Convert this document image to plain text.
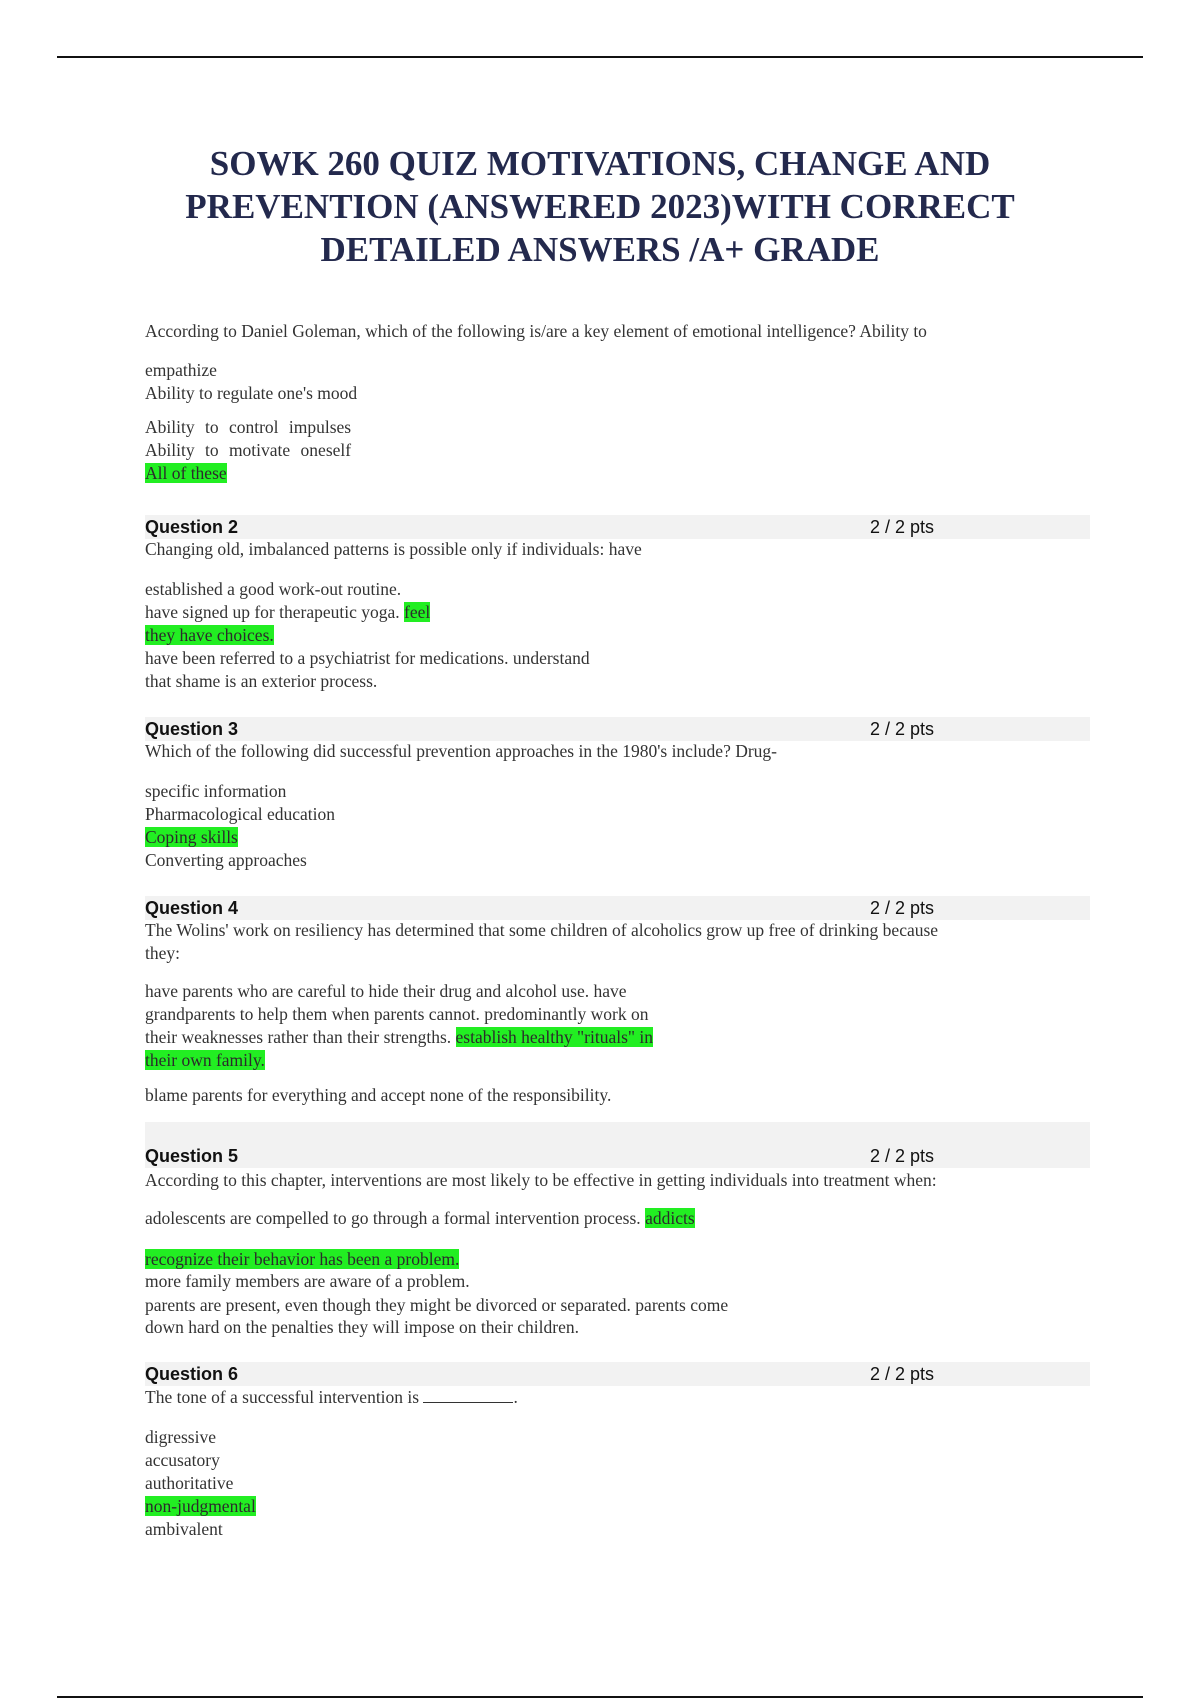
SOWK 260 QUIZ MOTIVATIONS, CHANGE AND
PREVENTION (ANSWERED 2023)WITH CORRECT
DETAILED ANSWERS /A+ GRADE
According to Daniel Goleman, which of the following is/are a key element of emotional intelligence? Ability to
empathize
Ability to regulate one's mood
Ability to control impulses
Ability to motivate oneself
All of these
Question 2	2 / 2 pts
Changing old, imbalanced patterns is possible only if individuals: have
established a good work-out routine.
have signed up for therapeutic yoga. feel
they have choices.
have been referred to a psychiatrist for medications. understand
that shame is an exterior process.
Question 3	2 / 2 pts
Which of the following did successful prevention approaches in the 1980's include? Drug-
specific information
Pharmacological education
Coping skills
Converting approaches
Question 4	2 / 2 pts
The Wolins' work on resiliency has determined that some children of alcoholics grow up free of drinking because
they:
have parents who are careful to hide their drug and alcohol use. have
grandparents to help them when parents cannot. predominantly work on
their weaknesses rather than their strengths. establish healthy "rituals" in
their own family.
blame parents for everything and accept none of the responsibility.
Question 5	2 / 2 pts
According to this chapter, interventions are most likely to be effective in getting individuals into treatment when:
adolescents are compelled to go through a formal intervention process. addicts
recognize their behavior has been a problem.
more family members are aware of a problem.
parents are present, even though they might be divorced or separated. parents come
down hard on the penalties they will impose on their children.
Question 6	2 / 2 pts
The tone of a successful intervention is	.
digressive
accusatory
authoritative
non-judgmental
ambivalent
